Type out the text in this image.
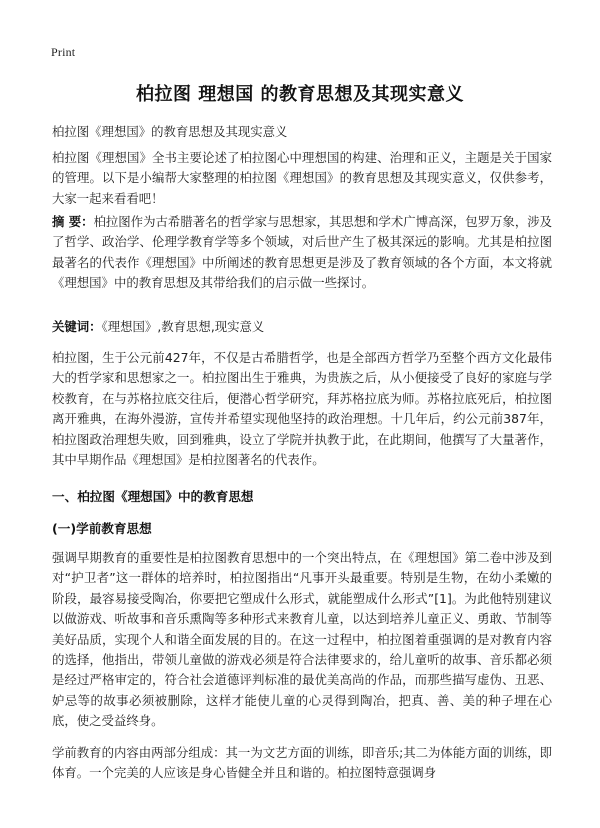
Print
柏拉图 理想国 的教育思想及其现实意义
柏拉图《理想国》的教育思想及其现实意义

柏拉图《理想国》全书主要论述了柏拉图心中理想国的构建、治理和正义，主题是关于国家的管理。以下是小编帮大家整理的柏拉图《理想国》的教育思想及其现实意义，仅供参考，大家一起来看看吧！

摘 要：柏拉图作为古希腊著名的哲学家与思想家，其思想和学术广博高深，包罗万象，涉及了哲学、政治学、伦理学教育学等多个领域，对后世产生了极其深远的影响。尤其是柏拉图最著名的代表作《理想国》中所阐述的教育思想更是涉及了教育领域的各个方面，本文将就《理想国》中的教育思想及其带给我们的启示做一些探讨。

关键词：《理想国》,教育思想,现实意义

柏拉图，生于公元前427年，不仅是古希腊哲学，也是全部西方哲学乃至整个西方文化最伟大的哲学家和思想家之一。柏拉图出生于雅典，为贵族之后，从小便接受了良好的家庭与学校教育，在与苏格拉底交往后，便潜心哲学研究，拜苏格拉底为师。苏格拉底死后，柏拉图离开雅典，在海外漫游，宣传并希望实现他坚持的政治理想。十几年后，约公元前387年，柏拉图政治理想失败，回到雅典，设立了学院并执教于此，在此期间，他撰写了大量著作，其中早期作品《理想国》是柏拉图著名的代表作。

一、柏拉图《理想国》中的教育思想
(一)学前教育思想

强调早期教育的重要性是柏拉图教育思想中的一个突出特点，在《理想国》第二卷中涉及到对“护卫者”这一群体的培养时，柏拉图指出“凡事开头最重要。特别是生物，在幼小柔嫩的阶段，最容易接受陶冶，你要把它塑成什么形式，就能塑成什么形式”[1]。为此他特别建议以做游戏、听故事和音乐熏陶等多种形式来教育儿童，以达到培养儿童正义、勇敢、节制等美好品质，实现个人和谐全面发展的目的。在这一过程中，柏拉图着重强调的是对教育内容的选择，他指出，带领儿童做的游戏必须是符合法律要求的，给儿童听的故事、音乐都必须是经过严格审定的，符合社会道德评判标准的最优美高尚的作品，而那些描写虚伪、丑恶、妒忌等的故事必须被删除，这样才能使儿童的心灵得到陶冶，把真、善、美的种子埋在心底，使之受益终身。

学前教育的内容由两部分组成：其一为文艺方面的训练，即音乐;其二为体能方面的训练，即体育。一个完美的人应该是身心皆健全并且和谐的。柏拉图特意强调身
